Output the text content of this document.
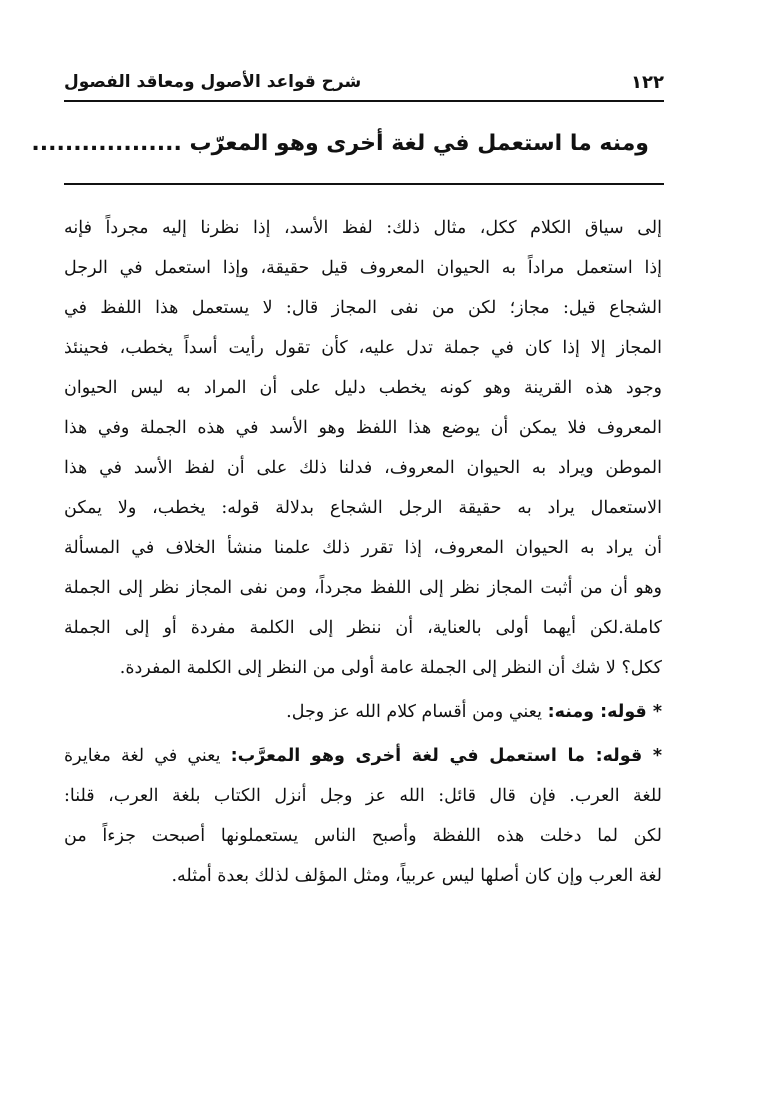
١٢٢
شرح قواعد الأصول ومعاقد الفصول
ومنه ما استعمل في لغة أخرى وهو المعرّب ..................
إلى سياق الكلام ككل، مثال ذلك: لفظ الأسد، إذا نظرنا إليه مجرداً فإنه
إذا استعمل مراداً به الحيوان المعروف قيل حقيقة، وإذا استعمل في الرجل
الشجاع قيل: مجاز؛ لكن من نفى المجاز قال: لا يستعمل هذا اللفظ في
المجاز إلا إذا كان في جملة تدل عليه، كأن تقول رأيت أسداً يخطب، فحينئذ
وجود هذه القرينة وهو كونه يخطب دليل على أن المراد به ليس الحيوان
المعروف فلا يمكن أن يوضع هذا اللفظ وهو الأسد في هذه الجملة وفي هذا
الموطن ويراد به الحيوان المعروف، فدلنا ذلك على أن لفظ الأسد في هذا
الاستعمال يراد به حقيقة الرجل الشجاع بدلالة قوله: يخطب، ولا يمكن
أن يراد به الحيوان المعروف، إذا تقرر ذلك علمنا منشأ الخلاف في المسألة
وهو أن من أثبت المجاز نظر إلى اللفظ مجرداً، ومن نفى المجاز نظر إلى الجملة
كاملة.لكن أيهما أولى بالعناية، أن ننظر إلى الكلمة مفردة أو إلى الجملة
ككل؟ لا شك أن النظر إلى الجملة عامة أولى من النظر إلى الكلمة المفردة.
* قوله: ومنه: يعني ومن أقسام كلام الله عز وجل.
* قوله: ما استعمل في لغة أخرى وهو المعرَّب: يعني في لغة مغايرة
للغة العرب. فإن قال قائل: الله عز وجل أنزل الكتاب بلغة العرب، قلنا:
لكن لما دخلت هذه اللفظة وأصبح الناس يستعملونها أصبحت جزءاً من
لغة العرب وإن كان أصلها ليس عربياً، ومثل المؤلف لذلك بعدة أمثله.
